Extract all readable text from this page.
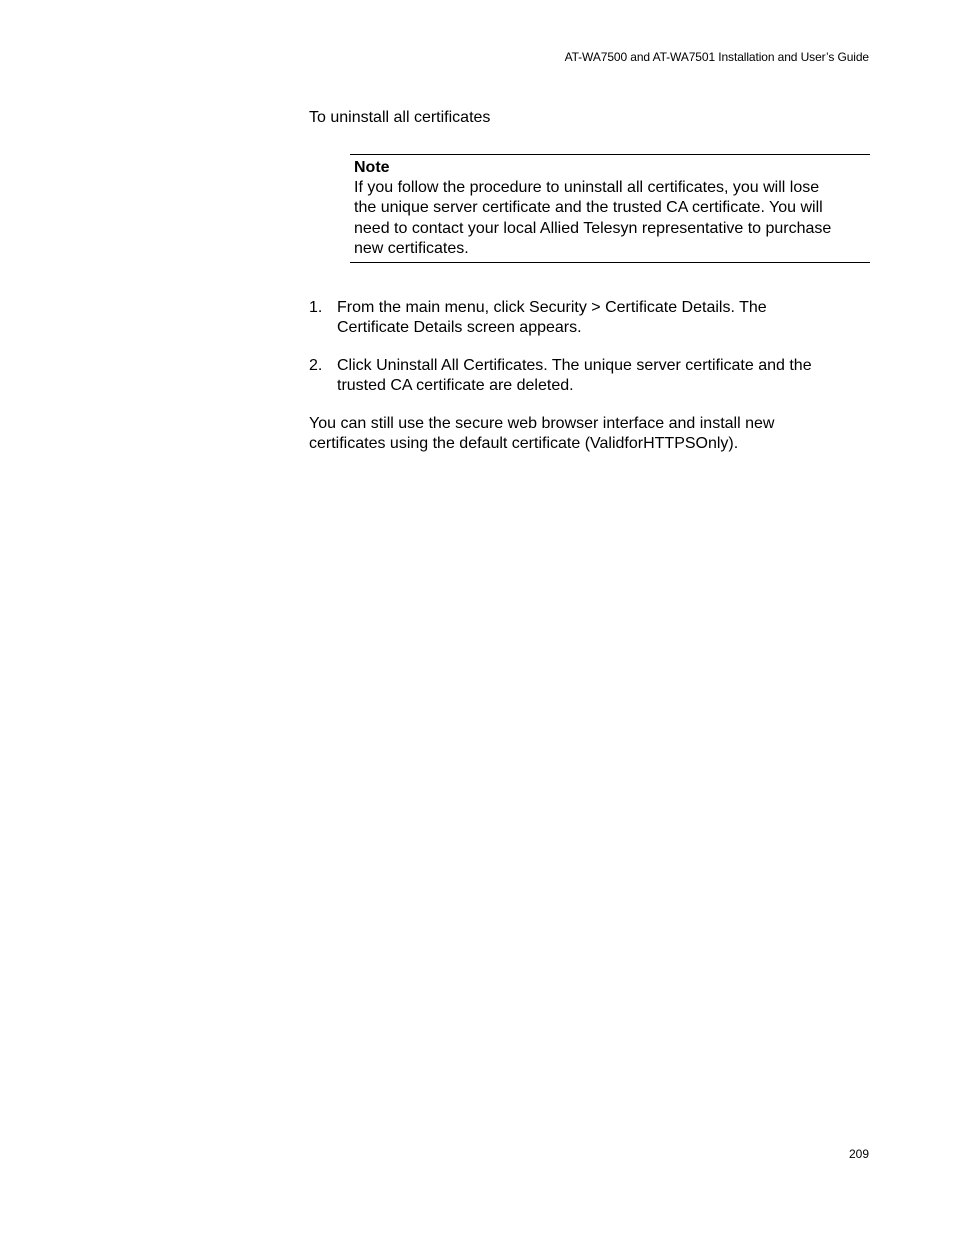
AT-WA7500 and AT-WA7501 Installation and User’s Guide
To uninstall all certificates
Note
If you follow the procedure to uninstall all certificates, you will lose
the unique server certificate and the trusted CA certificate. You will
need to contact your local Allied Telesyn representative to purchase
new certificates.
1. From the main menu, click Security > Certificate Details. The
Certificate Details screen appears.
2. Click Uninstall All Certificates. The unique server certificate and the
trusted CA certificate are deleted.
You can still use the secure web browser interface and install new
certificates using the default certificate (ValidforHTTPSOnly).
209
